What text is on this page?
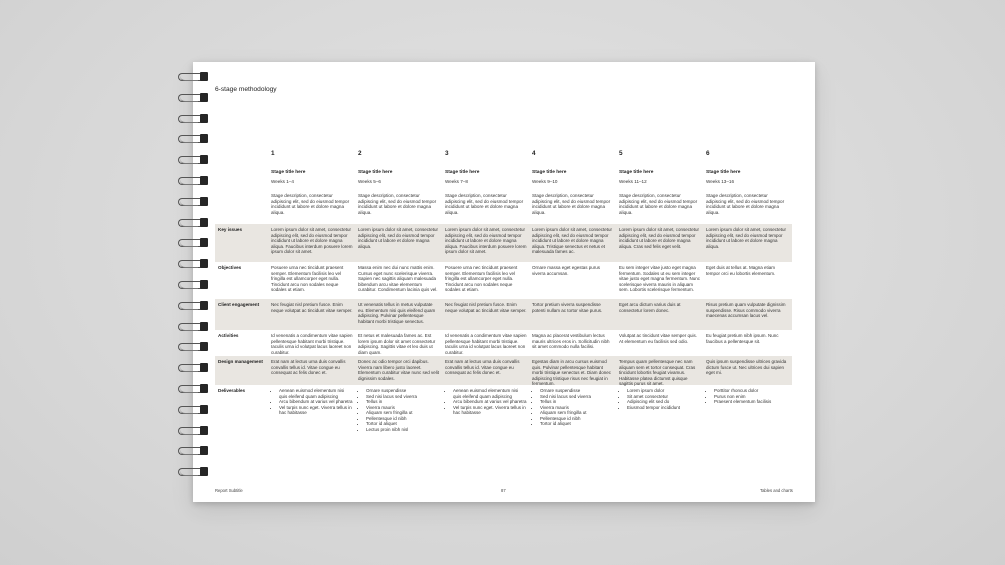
6-stage methodology
1
Stage title here
Weeks 1–4
Stage description, consectetur adipiscing elit, sed do eiusmod tempor incididunt ut labore et dolore magna aliqua.
2
Stage title here
Weeks 5–6
Stage description, consectetur adipiscing elit, sed do eiusmod tempor incididunt ut labore et dolore magna aliqua.
3
Stage title here
Weeks 7–8
Stage description, consectetur adipiscing elit, sed do eiusmod tempor incididunt ut labore et dolore magna aliqua.
4
Stage title here
Weeks 9–10
Stage description, consectetur adipiscing elit, sed do eiusmod tempor incididunt ut labore et dolore magna aliqua.
5
Stage title here
Weeks 11–12
Stage description, consectetur adipiscing elit, sed do eiusmod tempor incididunt ut labore et dolore magna aliqua.
6
Stage title here
Weeks 13–16
Stage description, consectetur adipiscing elit, sed do eiusmod tempor incididunt ut labore et dolore magna aliqua.
Key issues	Lorem ipsum dolor sit amet, consectetur adipiscing elit, sed do eiusmod tempor incididunt ut labore et dolore magna aliqua. Faucibus interdum posuere lorem ipsum dolor sit amet.
Lorem ipsum dolor sit amet, consectetur adipiscing elit, sed do eiusmod tempor incididunt ut labore et dolore magna aliqua.
Lorem ipsum dolor sit amet, consectetur adipiscing elit, sed do eiusmod tempor incididunt ut labore et dolore magna aliqua. Faucibus interdum posuere lorem ipsum dolor sit amet.
Lorem ipsum dolor sit amet, consectetur adipiscing elit, sed do eiusmod tempor incididunt ut labore et dolore magna aliqua. Tristique senectus et netus et malesuada fames ac.
Lorem ipsum dolor sit amet, consectetur adipiscing elit, sed do eiusmod tempor incididunt ut labore et dolore magna aliqua. Cras sed felis eget velit.
Lorem ipsum dolor sit amet, consectetur adipiscing elit, sed do eiusmod tempor incididunt ut labore et dolore magna aliqua.
Objectives	Posuere urna nec tincidunt praesent semper. Elementum facilisis leo vel fringilla est ullamcorper eget nulla. Tincidunt arcu non sodales neque sodales ut etiam.
Massa enim nec dui nunc mattis enim. Cursus eget nunc scelerisque viverra. Sapien nec sagittis aliquam malesuada bibendum arcu vitae elementum curabitur. Condimentum lacinia quis vel.
Posuere urna nec tincidunt praesent semper. Elementum facilisis leo vel fringilla est ullamcorper eget nulla. Tincidunt arcu non sodales neque sodales ut etiam.
Ornare massa eget egestas purus viverra accumsan.
Eu sem integer vitae justo eget magna fermentum. Sodales ut eu sem integer vitae justo eget magna fermentum. Nunc scelerisque viverra mauris in aliquam sem. Lobortis scelerisque fermentum.
Eget duis at tellus at. Magna etiam tempor orci eu lobortis elementum.
Client engagement	Nec feugiat nisl pretium fusce. Enim neque volutpat ac tincidunt vitae semper.
Ut venenatis tellus in metus vulputate eu. Elementum nisi quis eleifend quam adipiscing. Pulvinar pellentesque habitant morbi tristique senectus.
Nec feugiat nisl pretium fusce. Enim neque volutpat ac tincidunt vitae semper.
Tortor pretium viverra suspendisse potenti nullam ac tortor vitae purus.
Eget arcu dictum varius duis at consectetur lorem donec.
Risus pretium quam vulputate dignissim suspendisse. Risus commodo viverra maecenas accumsan lacus vel.
Activities	Id venenatis a condimentum vitae sapien pellentesque habitant morbi tristique. Iaculis urna id volutpat lacus laoreet non curabitur.
Et netus et malesuada fames ac. Est lorem ipsum dolor sit amet consectetur adipiscing. Sagittis vitae et leo duis ut diam quam.
Id venenatis a condimentum vitae sapien pellentesque habitant morbi tristique. Iaculis urna id volutpat lacus laoreet non curabitur.
Magna ac placerat vestibulum lectus mauris ultrices eros in. Sollicitudin nibh sit amet commodo nulla facilisi.
Volutpat ac tincidunt vitae semper quis. At elementum eu facilisis sed odio.
Eu feugiat pretium nibh ipsum. Nunc faucibus a pellentesque sit.
Design management Erat nam at lectus urna duis convallis convallis tellus id. Vitae congue eu consequat ac felis donec et.
Donec ac odio tempor orci dapibus. Viverra nam libero justo laoreet. Elementum curabitur vitae nunc sed velit dignissim sodales.
Erat nam at lectus urna duis convallis convallis tellus id. Vitae congue eu consequat ac felis donec et.
Egestas diam in arcu cursus euismod quis. Pulvinar pellentesque habitant morbi tristique senectus et. Diam donec adipiscing tristique risus nec feugiat in fermentum.
Tempus quam pellentesque nec nam aliquam sem et tortor consequat. Cras tincidunt lobortis feugiat vivamus. Habitasse platea dictumst quisque sagittis purus sit amet.
Quis ipsum suspendisse ultrices gravida dictum fusce ut. Nec ultrices dui sapien eget mi.
Deliverables
•	Aenean euismod elementum nisi quis eleifend quam adipiscing
• Arcu bibendum at varius vel pharetra
• Vel turpis nunc eget. Viverra tellus in hac habitasse
• Ornare suspendisse
• Sed nisi lacus sed viverra
• Tellus in
• Viverra mauris
• Aliquam sem fringilla ut
• Pellentesque id nibh
• Tortor id aliquet
• Lectus proin nibh nisl
• Aenean euismod elementum nisi quis eleifend quam adipiscing
• Arcu bibendum at varius vel pharetra
• Vel turpis nunc eget. Viverra tellus in hac habitasse
• Ornare suspendisse
• Sed nisi lacus sed viverra
• Tellus in
• Viverra mauris
• Aliquam sem fringilla ut
• Pellentesque id nibh
• Tortor id aliquet
• Lorem ipsum dolor
• Sit amet consectetur
• Adipiscing elit sed do
• Eiusmod tempor incididunt
• Porttitor rhoncus dolor
• Purus non enim
• Praesent elementum facilisis
Report Subtitle	87	Tables and charts
